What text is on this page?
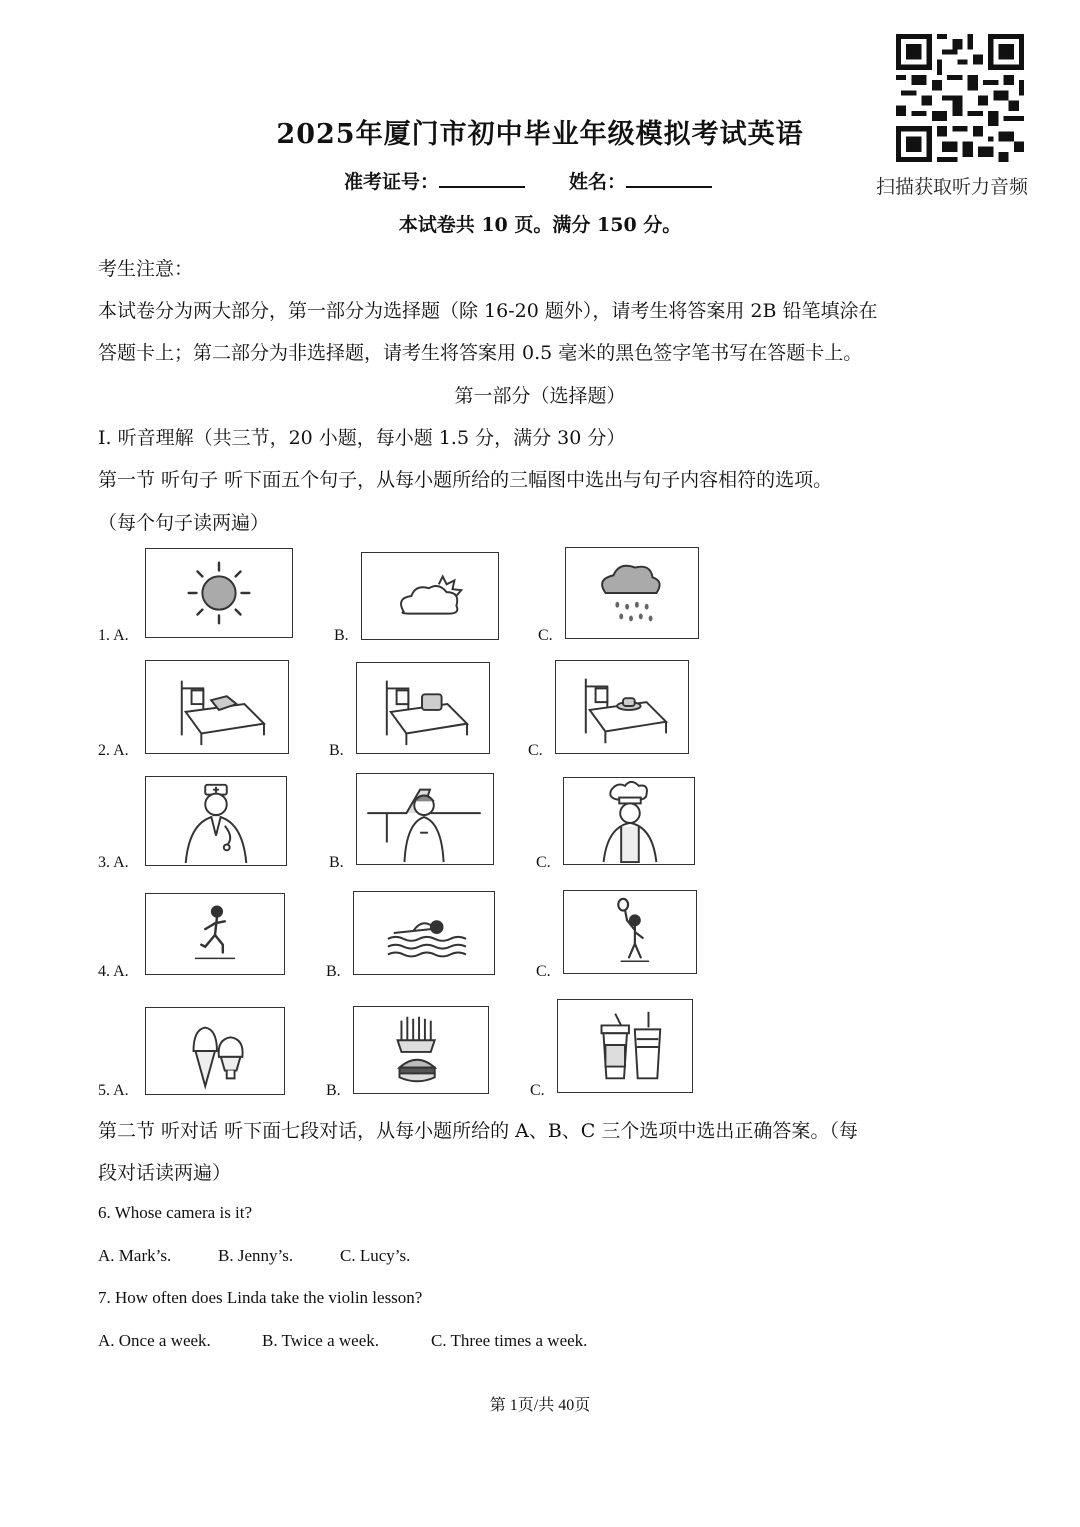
2025年厦门市初中毕业年级模拟考试英语
扫描获取听力音频
准考证号：	姓名：
本试卷共 10 页。满分 150 分。
考生注意：
本试卷分为两大部分，第一部分为选择题（除 16-20 题外），请考生将答案用 2B 铅笔填涂在
答题卡上；第二部分为非选择题，请考生将答案用 0.5 毫米的黑色签字笔书写在答题卡上。
第一部分（选择题）
Ⅰ. 听音理解（共三节，20 小题，每小题 1.5 分，满分 30 分）
第一节 听句子 听下面五个句子，从每小题所给的三幅图中选出与句子内容相符的选项。
（每个句子读两遍）
1. A.	B.	C.
2. A.	B.	C.
3. A.	B.	C.
4. A.	B.	C.
5. A.	B.	C.
第二节 听对话 听下面七段对话，从每小题所给的 A、B、C 三个选项中选出正确答案。（每
段对话读两遍）
6. Whose camera is it?
A. Mark’s.	B. Jenny’s.	C. Lucy’s.
7. How often does Linda take the violin lesson?
A. Once a week.	B. Twice a week.	C. Three times a week.
第 1页/共 40页
